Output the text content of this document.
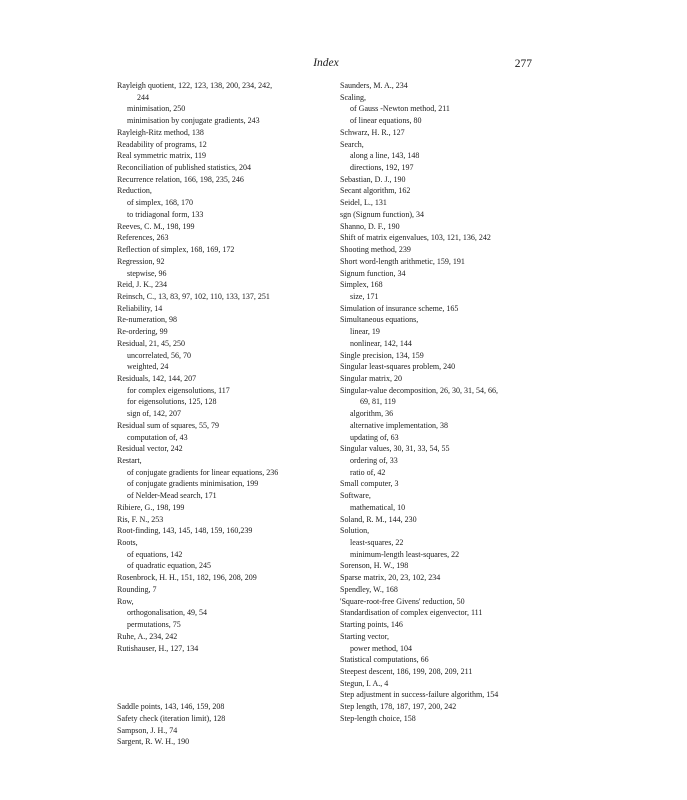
Index	277
Rayleigh quotient, 122, 123, 138, 200, 234, 242,
244
minimisation, 250
minimisation by conjugate gradients, 243
Rayleigh-Ritz method, 138
Readability of programs, 12
Real symmetric matrix, 119
Reconciliation of published statistics, 204
Recurrence relation, 166, 198, 235, 246
Reduction,
of simplex, 168, 170
to tridiagonal form, 133
Reeves, C. M., 198, 199
References, 263
Reflection of simplex, 168, 169, 172
Regression, 92
stepwise, 96
Reid, J. K., 234
Reinsch, C., 13, 83, 97, 102, 110, 133, 137, 251
Reliability, 14
Re-numeration, 98
Re-ordering, 99
Residual, 21, 45, 250
uncorrelated, 56, 70
weighted, 24
Residuals, 142, 144, 207
for complex eigensolutions, 117
for eigensolutions, 125, 128
sign of, 142, 207
Residual sum of squares, 55, 79
computation of, 43
Residual vector, 242
Restart,
of conjugate gradients for linear equations, 236
of conjugate gradients minimisation, 199
of Nelder-Mead search, 171
Ribiere, G., 198, 199
Ris, F. N., 253
Root-finding, 143, 145, 148, 159, 160,239
Roots,
of equations, 142
of quadratic equation, 245
Rosenbrock, H. H., 151, 182, 196, 208, 209
Rounding, 7
Row,
orthogonalisation, 49, 54
permutations, 75
Ruhe, A., 234, 242
Rutishauser, H., 127, 134
Saddle points, 143, 146, 159, 208
Safety check (iteration limit), 128
Sampson, J. H., 74
Sargent, R. W. H., 190
Saunders, M. A., 234
Scaling,
of Gauss -Newton method, 211
of linear equations, 80
Schwarz, H. R., 127
Search,
along a line, 143, 148
directions, 192, 197
Sebastian, D. J., 190
Secant algorithm, 162
Seidel, L., 131
sgn (Signum function), 34
Shanno, D. F., 190
Shift of matrix eigenvalues, 103, 121, 136, 242
Shooting method, 239
Short word-length arithmetic, 159, 191
Signum function, 34
Simplex, 168
size, 171
Simulation of insurance scheme, 165
Simultaneous equations,
linear, 19
nonlinear, 142, 144
Single precision, 134, 159
Singular least-squares problem, 240
Singular matrix, 20
Singular-value decomposition, 26, 30, 31, 54, 66,
69, 81, 119
algorithm, 36
alternative implementation, 38
updating of, 63
Singular values, 30, 31, 33, 54, 55
ordering of, 33
ratio of, 42
Small computer, 3
Software,
mathematical, 10
Soland, R. M., 144, 230
Solution,
least-squares, 22
minimum-length least-squares, 22
Sorenson, H. W., 198
Sparse matrix, 20, 23, 102, 234
Spendley, W., 168
'Square-root-free Givens' reduction, 50
Standardisation of complex eigenvector, 111
Starting points, 146
Starting vector,
power method, 104
Statistical computations, 66
Steepest descent, 186, 199, 208, 209, 211
Stegun, I. A., 4
Step adjustment in success-failure algorithm, 154
Step length, 178, 187, 197, 200, 242
Step-length choice, 158
